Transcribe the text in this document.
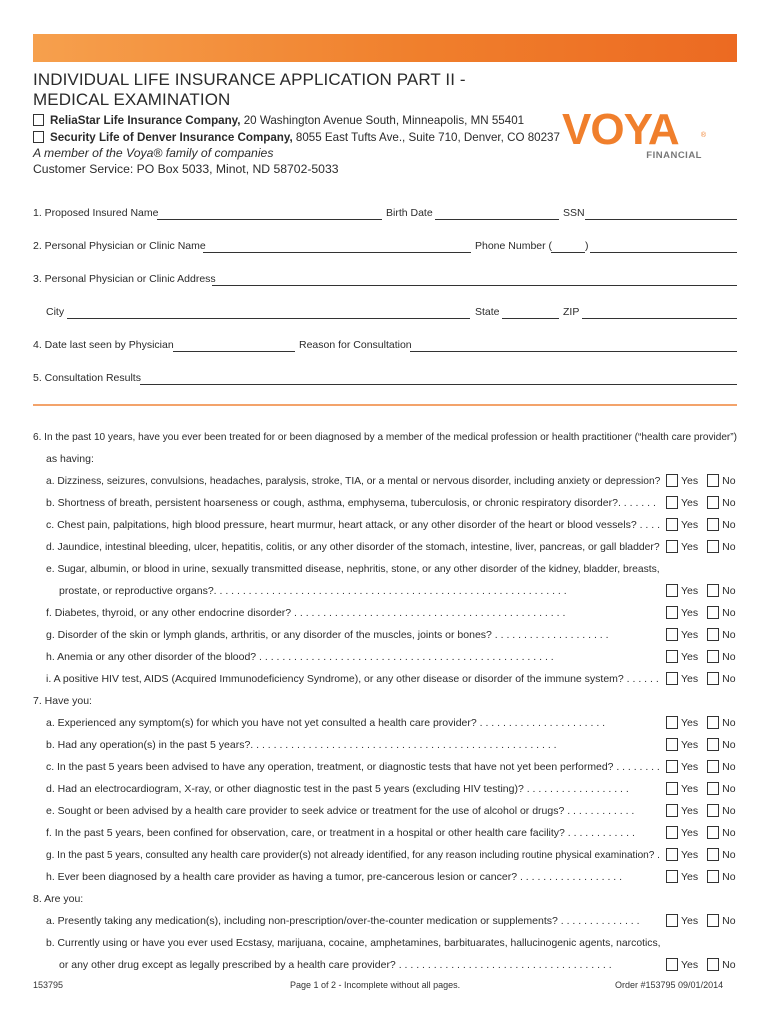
INDIVIDUAL LIFE INSURANCE APPLICATION PART II -
MEDICAL EXAMINATION
ReliaStar Life Insurance Company, 20 Washington Avenue South, Minneapolis, MN 55401
Security Life of Denver Insurance Company, 8055 East Tufts Ave., Suite 710, Denver, CO 80237
A member of the Voya® family of companies
Customer Service: PO Box 5033, Minot, ND 58702-5033
VOYA	®
FINANCIAL
1. Proposed Insured Name	Birth Date	SSN
2. Personal Physician or Clinic Name	Phone Number (	)
3. Personal Physician or Clinic Address
City	State	ZIP
4. Date last seen by Physician	Reason for Consultation
5. Consultation Results
6. In the past 10 years, have you ever been treated for or been diagnosed by a member of the medical profession or health practitioner (“health care provider”)
as having:
a. Dizziness, seizures, convulsions, headaches, paralysis, stroke, TIA, or a mental or nervous disorder, including anxiety or depression?	Yes No
b. Shortness of breath, persistent hoarseness or cough, asthma, emphysema, tuberculosis, or chronic respiratory disorder?. . . . . . .	Yes No
c. Chest pain, palpitations, high blood pressure, heart murmur, heart attack, or any other disorder of the heart or blood vessels? . . . .	Yes No
d. Jaundice, intestinal bleeding, ulcer, hepatitis, colitis, or any other disorder of the stomach, intestine, liver, pancreas, or gall bladder?	Yes No
e. Sugar, albumin, or blood in urine, sexually transmitted disease, nephritis, stone, or any other disorder of the kidney, bladder, breasts,
prostate, or reproductive organs?. . . . . . . . . . . . . . . . . . . . . . . . . . . . . . . . . . . . . . . . . . . . . . . . . . . . . . . . . . . . .	Yes No
f. Diabetes, thyroid, or any other endocrine disorder? . . . . . . . . . . . . . . . . . . . . . . . . . . . . . . . . . . . . . . . . . . . . . . .	Yes No
g. Disorder of the skin or lymph glands, arthritis, or any disorder of the muscles, joints or bones? . . . . . . . . . . . . . . . . . . . .	Yes No
h. Anemia or any other disorder of the blood? . . . . . . . . . . . . . . . . . . . . . . . . . . . . . . . . . . . . . . . . . . . . . . . . . . .	Yes No
i. A positive HIV test, AIDS (Acquired Immunodeficiency Syndrome), or any other disease or disorder of the immune system? . . . . . .	Yes No
7. Have you:
a. Experienced any symptom(s) for which you have not yet consulted a health care provider? . . . . . . . . . . . . . . . . . . . . . .	Yes No
b. Had any operation(s) in the past 5 years?. . . . . . . . . . . . . . . . . . . . . . . . . . . . . . . . . . . . . . . . . . . . . . . . . . . . .	Yes No
c. In the past 5 years been advised to have any operation, treatment, or diagnostic tests that have not yet been performed? . . . . . . . .	Yes No
d. Had an electrocardiogram, X-ray, or other diagnostic test in the past 5 years (excluding HIV testing)? . . . . . . . . . . . . . . . . . .	Yes No
e. Sought or been advised by a health care provider to seek advice or treatment for the use of alcohol or drugs? . . . . . . . . . . . .	Yes No
f. In the past 5 years, been confined for observation, care, or treatment in a hospital or other health care facility? . . . . . . . . . . . .	Yes No
g. In the past 5 years, consulted any health care provider(s) not already identified, for any reason including routine physical examination? .	Yes No
h. Ever been diagnosed by a health care provider as having a tumor, pre-cancerous lesion or cancer? . . . . . . . . . . . . . . . . . .	Yes No
8. Are you:
a. Presently taking any medication(s), including non-prescription/over-the-counter medication or supplements? . . . . . . . . . . . . . .	Yes No
b. Currently using or have you ever used Ecstasy, marijuana, cocaine, amphetamines, barbituarates, hallucinogenic agents, narcotics,
or any other drug except as legally prescribed by a health care provider? . . . . . . . . . . . . . . . . . . . . . . . . . . . . . . . . . . . . .	Yes No
153795	Page 1 of 2 - Incomplete without all pages.	Order #153795 09/01/2014
